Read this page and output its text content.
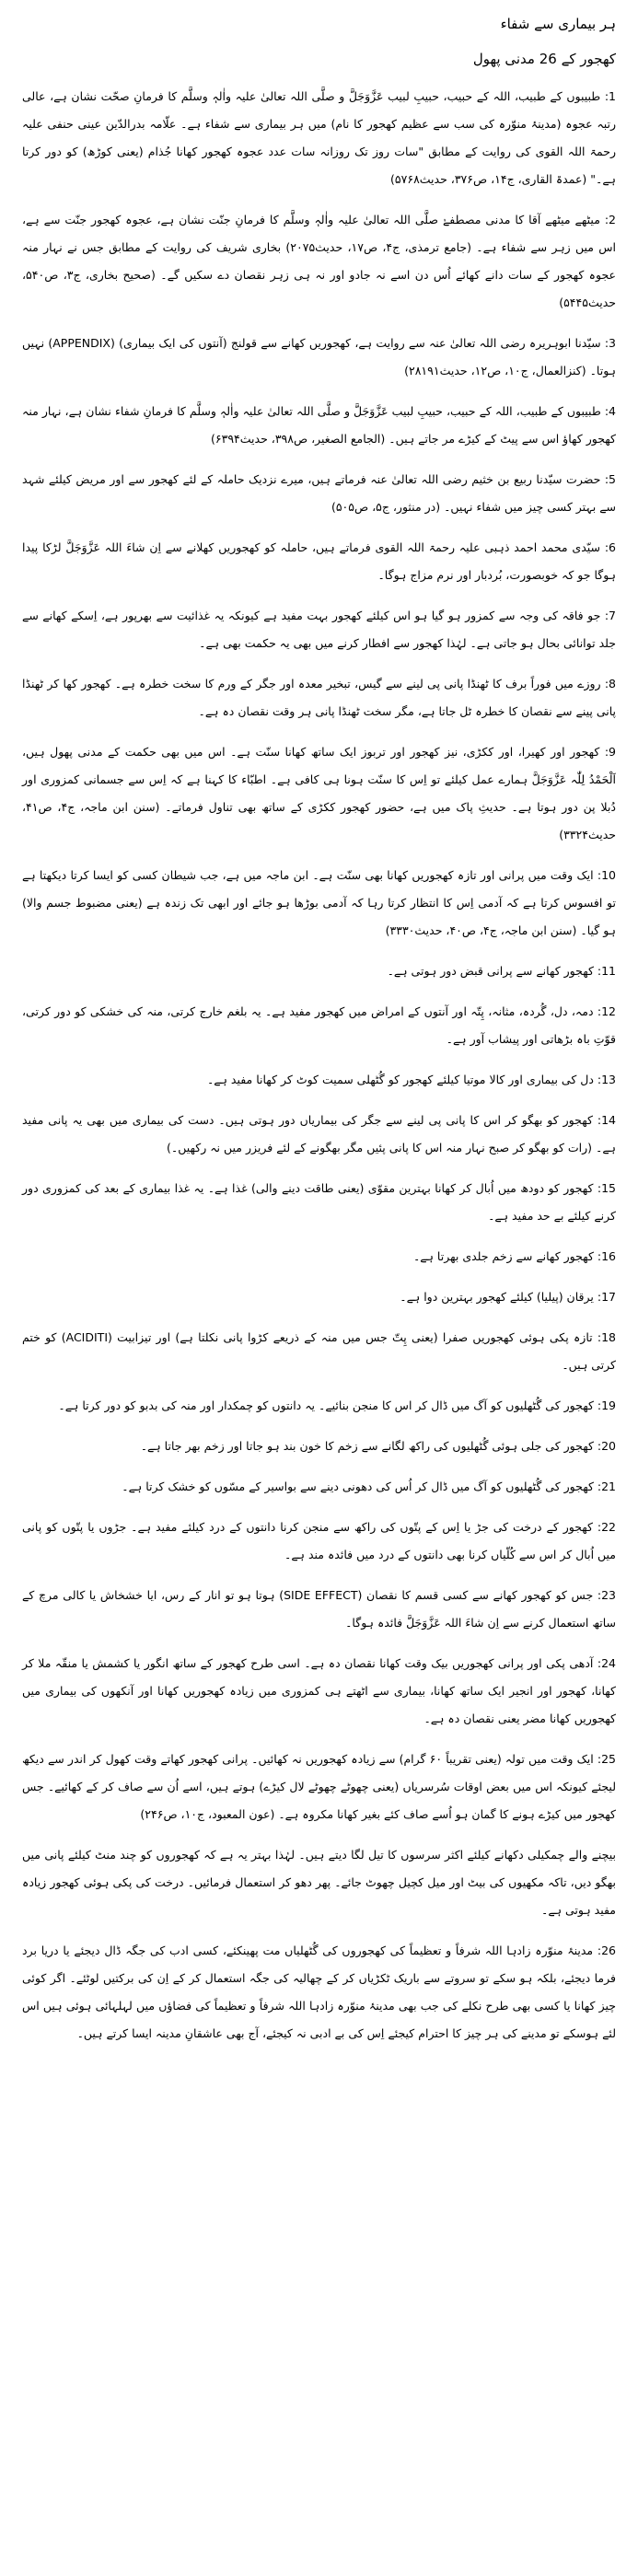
ہر بیماری سے شفاء
کھجور کے 26 مدنی پھول
1: طبیبوں کے طبیب، اللہ کے حبیب، حبیبِ لبیب عَزَّوَجَلَّ و صلَّی اللہ تعالیٰ علیہ واٰلہٖ وسلَّم کا فرمانِ صحّت نشان ہے، عالی رتبہ عجوہ (مدینۂ منوّرہ کی سب سے عظیم کھجور کا نام) میں ہر بیماری سے شفاء ہے۔ علّامہ بدرالدّین عینی حنفی علیہ رحمۃ اللہ القوی کی روایت کے مطابق "سات روز تک روزانہ سات عدد عجوہ کھجور کھانا جُذام (یعنی کوڑھ) کو دور کرتا ہے۔" (عمدۃ القاری، ج۱۴، ص۳۷۶، حدیث۵۷۶۸)
2: میٹھے میٹھے آقا کا مدنی مصطفےٰ صلَّی اللہ تعالیٰ علیہ واٰلہٖ وسلَّم کا فرمانِ جنّت نشان ہے، عجوہ کھجور جنّت سے ہے، اس میں زہر سے شفاء ہے۔ (جامع ترمذی، ج۴، ص۱۷، حدیث۲۰۷۵) بخاری شریف کی روایت کے مطابق جس نے نہار منہ عجوہ کھجور کے سات دانے کھائے اُس دن اسے نہ جادو اور نہ ہی زہر نقصان دے سکیں گے۔ (صحیح بخاری، ج۳، ص۵۴۰، حدیث۵۴۴۵)
3: سیّدنا ابوہریرہ رضی اللہ تعالیٰ عنہ سے روایت ہے، کھجوریں کھانے سے قولنج (آنتوں کی ایک بیماری) (APPENDIX) نہیں ہوتا۔ (کنزالعمال، ج۱۰، ص۱۲، حدیث۲۸۱۹۱)
4: طبیبوں کے طبیب، اللہ کے حبیب، حبیبِ لبیب عَزَّوَجَلَّ و صلَّی اللہ تعالیٰ علیہ واٰلہٖ وسلَّم کا فرمانِ شفاء نشان ہے، نہار منہ کھجور کھاؤ اس سے پیٹ کے کیڑے مر جاتے ہیں۔ (الجامع الصغیر، ص۳۹۸، حدیث۶۳۹۴)
5: حضرت سیّدنا ربیع بن خثیم رضی اللہ تعالیٰ عنہ فرماتے ہیں، میرے نزدیک حاملہ کے لئے کھجور سے اور مریض کیلئے شہد سے بہتر کسی چیز میں شفاء نہیں۔ (در منثور، ج۵، ص۵۰۵)
6: سیّدی محمد احمد ذہبی علیہ رحمۃ اللہ القوی فرماتے ہیں، حاملہ کو کھجوریں کھلانے سے اِن شاءَ اللہ عَزَّوَجَلَّ لڑکا پیدا ہوگا جو کہ خوبصورت، بُردبار اور نرم مزاج ہوگا۔
7: جو فاقہ کی وجہ سے کمزور ہو گیا ہو اس کیلئے کھجور بہت مفید ہے کیونکہ یہ غذائیت سے بھرپور ہے، اِسکے کھانے سے جلد توانائی بحال ہو جاتی ہے۔ لہٰذا کھجور سے افطار کرنے میں بھی یہ حکمت بھی ہے۔
8: روزے میں فوراً برف کا ٹھنڈا پانی پی لینے سے گیس، تبخیر معدہ اور جگر کے ورم کا سخت خطرہ ہے۔ کھجور کھا کر ٹھنڈا پانی پینے سے نقصان کا خطرہ ٹل جاتا ہے، مگر سخت ٹھنڈا پانی ہر وقت نقصان دہ ہے۔
9: کھجور اور کھیرا، اور ککڑی، نیز کھجور اور تربوز ایک ساتھ کھانا سنّت ہے۔ اس میں بھی حکمت کے مدنی پھول ہیں، اَلْحَمْدُ لِلّٰہ عَزَّوَجَلَّ ہمارے عمل کیلئے تو اِس کا سنّت ہونا ہی کافی ہے۔ اطبّاء کا کہنا ہے کہ اِس سے جسمانی کمزوری اور دُبلا پن دور ہوتا ہے۔ حدیثِ پاک میں ہے، حضور کھجور ککڑی کے ساتھ بھی تناول فرماتے۔ (سنن ابن ماجہ، ج۴، ص۴۱، حدیث۳۳۲۴)
10: ایک وقت میں پرانی اور تازہ کھجوریں کھانا بھی سنّت ہے۔ ابن ماجہ میں ہے، جب شیطان کسی کو ایسا کرتا دیکھتا ہے تو افسوس کرتا ہے کہ آدمی اِس کا انتظار کرتا رہا کہ آدمی بوڑھا ہو جائے اور ابھی تک زندہ ہے (یعنی مضبوط جسم والا) ہو گیا۔ (سنن ابن ماجہ، ج۴، ص۴۰، حدیث۳۳۳۰)
11: کھجور کھانے سے پرانی قبض دور ہوتی ہے۔
12: دمہ، دل، گُردہ، مثانہ، پِتّہ اور آنتوں کے امراض میں کھجور مفید ہے۔ یہ بلغم خارج کرتی، منہ کی خشکی کو دور کرتی، قوّتِ باہ بڑھاتی اور پیشاب آور ہے۔
13: دل کی بیماری اور کالا موتیا کیلئے کھجور کو گُٹھلی سمیت کوٹ کر کھانا مفید ہے۔
14: کھجور کو بھگو کر اس کا پانی پی لینے سے جگر کی بیماریاں دور ہوتی ہیں۔ دست کی بیماری میں بھی یہ پانی مفید ہے۔ (رات کو بھگو کر صبح نہار منہ اس کا پانی پئیں مگر بھگونے کے لئے فریزر میں نہ رکھیں۔)
15: کھجور کو دودھ میں اُبال کر کھانا بہترین مقوّی (یعنی طاقت دینے والی) غذا ہے۔ یہ غذا بیماری کے بعد کی کمزوری دور کرنے کیلئے بے حد مفید ہے۔
16: کھجور کھانے سے زخم جلدی بھرتا ہے۔
17: یرقان (پیلیا) کیلئے کھجور بہترین دوا ہے۔
18: تازہ پکی ہوئی کھجوریں صفرا (یعنی پِتّ جس میں منہ کے ذریعے کڑوا پانی نکلتا ہے) اور تیزابیت (ACIDITI) کو ختم کرتی ہیں۔
19: کھجور کی گُٹھلیوں کو آگ میں ڈال کر اس کا منجن بنائیے۔ یہ دانتوں کو چمکدار اور منہ کی بدبو کو دور کرتا ہے۔
20: کھجور کی جلی ہوئی گُٹھلیوں کی راکھ لگانے سے زخم کا خون بند ہو جاتا اور زخم بھر جاتا ہے۔
21: کھجور کی گُٹھلیوں کو آگ میں ڈال کر اُس کی دھونی دینے سے بواسیر کے مسّوں کو خشک کرتا ہے۔
22: کھجور کے درخت کی جڑ یا اِس کے پتّوں کی راکھ سے منجن کرنا دانتوں کے درد کیلئے مفید ہے۔ جڑوں یا پتّوں کو پانی میں اُبال کر اس سے کُلّیاں کرنا بھی دانتوں کے درد میں فائدہ مند ہے۔
23: جس کو کھجور کھانے سے کسی قسم کا نقصان (SIDE EFFECT) ہوتا ہو تو انار کے رس، ایا خشخاش یا کالی مرچ کے ساتھ استعمال کرنے سے اِن شاءَ اللہ عَزَّوَجَلَّ فائدہ ہوگا۔
24: آدھی پکی اور پرانی کھجوریں بیک وقت کھانا نقصان دہ ہے۔ اسی طرح کھجور کے ساتھ انگور یا کشمش یا منقّہ ملا کر کھانا، کھجور اور انجیر ایک ساتھ کھانا، بیماری سے اٹھتے ہی کمزوری میں زیادہ کھجوریں کھانا اور آنکھوں کی بیماری میں کھجوریں کھانا مضر یعنی نقصان دہ ہے۔
25: ایک وقت میں تولہ (یعنی تقریباً ۶۰ گرام) سے زیادہ کھجوریں نہ کھائیں۔ پرانی کھجور کھاتے وقت کھول کر اندر سے دیکھ لیجئے کیونکہ اس میں بعض اوقات سُرسریاں (یعنی چھوٹے چھوٹے لال کیڑے) ہوتے ہیں، اسے اُن سے صاف کر کے کھائیے۔ جس کھجور میں کیڑے ہونے کا گمان ہو اُسے صاف کئے بغیر کھانا مکروہ ہے۔ (عون المعبود، ج۱۰، ص۲۴۶)
بیچنے والے چمکیلی دکھانے کیلئے اکثر سرسوں کا تیل لگا دیتے ہیں۔ لہٰذا بہتر یہ ہے کہ کھجوروں کو چند منٹ کیلئے پانی میں بھگو دیں، تاکہ مکھیوں کی بیٹ اور میل کچیل چھوٹ جائے۔ پھر دھو کر استعمال فرمائیں۔ درخت کی پکی ہوئی کھجور زیادہ مفید ہوتی ہے۔
26: مدینۂ منوّرہ زادہا اللہ شرفاً و تعظیماً کی کھجوروں کی گُٹھلیاں مت پھینکئے، کسی ادب کی جگہ ڈال دیجئے یا دریا برد فرما دیجئے، بلکہ ہو سکے تو سروتے سے باریک ٹکڑیاں کر کے چھالیہ کی جگہ استعمال کر کے اِن کی برکتیں لوٹئے۔ اگر کوئی چیز کھانا یا کسی بھی طرح نکلے کی جب بھی مدینۂ منوّرہ زادہا اللہ شرفاً و تعظیماً کی فضاؤں میں لہلہائی ہوئی ہیں اس لئے ہوسکے تو مدینے کی ہر چیز کا احترام کیجئے اِس کی بے ادبی نہ کیجئے، آج بھی عاشقانِ مدینہ ایسا کرتے ہیں۔
